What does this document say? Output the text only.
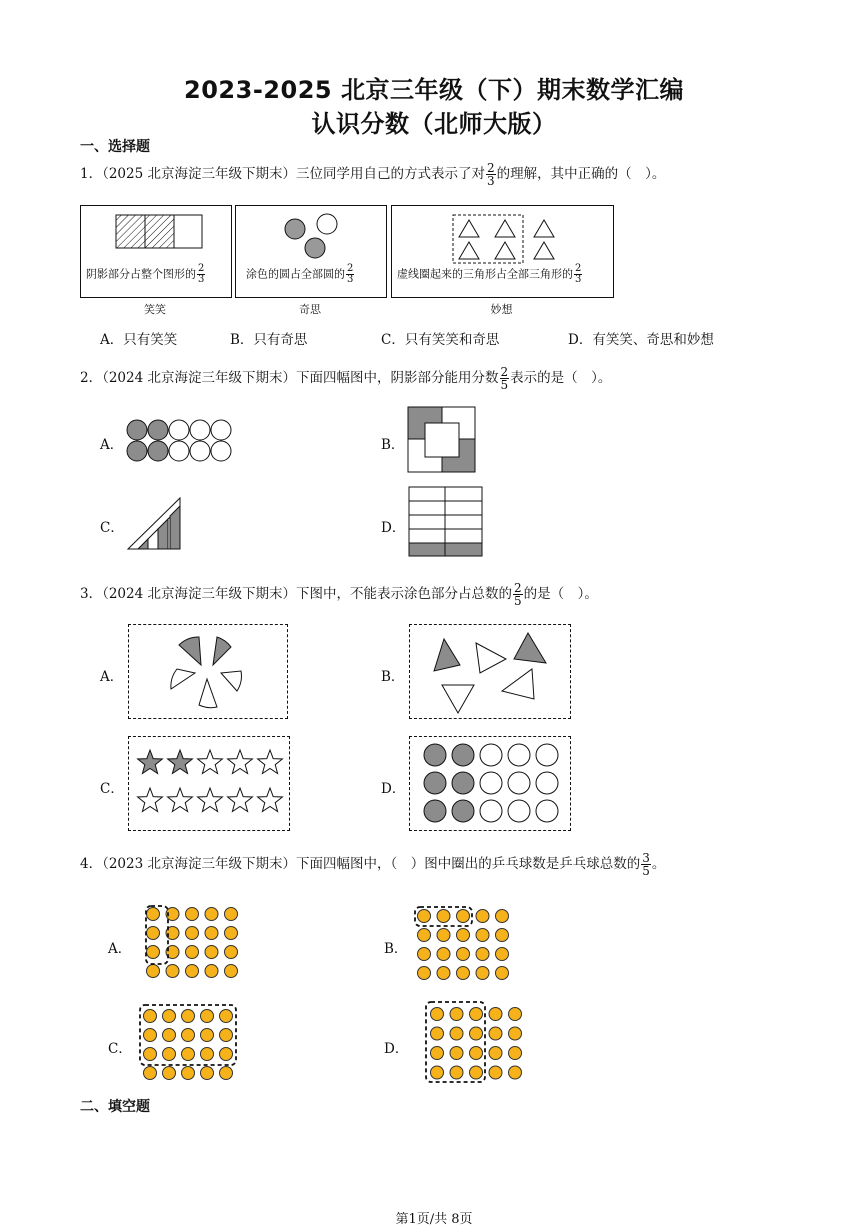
2023-2025 北京三年级（下）期末数学汇编
认识分数（北师大版）
一、选择题
1．（2025 北京海淀三年级下期末）三位同学用自己的方式表示了对 $\frac{2}{3}$ 的理解，其中正确的（　）。
阴影部分占整个图形的 $\frac{2}{3}$
笑笑
涂色的圆占全部圆的 $\frac{2}{3}$
奇思
虚线圈起来的三角形占全部三角形的 $\frac{2}{3}$
妙想
A．只有笑笑	B．只有奇思	C．只有笑笑和奇思	D．有笑笑、奇思和妙想
2．（2024 北京海淀三年级下期末）下面四幅图中，阴影部分能用分数 $\frac{2}{5}$ 表示的是（　）。
A．	B．
C．	D．
3．（2024 北京海淀三年级下期末）下图中，不能表示涂色部分占总数的 $\frac{2}{5}$ 的是（　）。
A．	B．
C．	D．
4．（2023 北京海淀三年级下期末）下面四幅图中，（　）图中圈出的乒乓球数是乒乓球总数的 $\frac{3}{5}$ 。
A．	B．
C．	D．
二、填空题
第1页/共 8页
